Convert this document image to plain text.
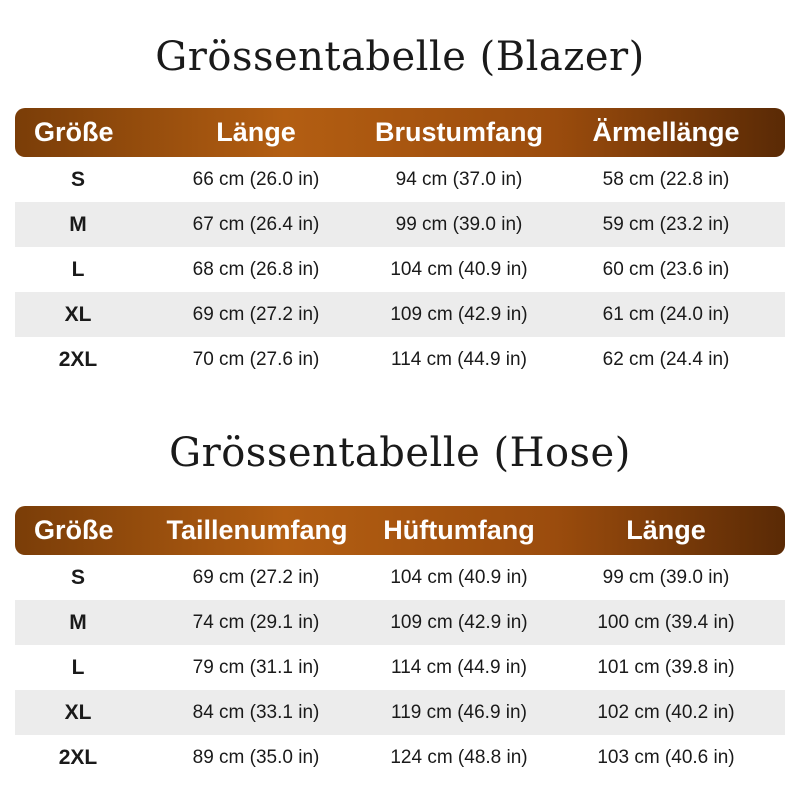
Grössentabelle (Blazer)
Größe	Länge	Brustumfang	Ärmellänge
S	66 cm (26.0 in)	94 cm (37.0 in)	58 cm (22.8 in)
M	67 cm (26.4 in)	99 cm (39.0 in)	59 cm (23.2 in)
L	68 cm (26.8 in)	104 cm (40.9 in)	60 cm (23.6 in)
XL	69 cm (27.2 in)	109 cm (42.9 in)	61 cm (24.0 in)
2XL	70 cm (27.6 in)	114 cm (44.9 in)	62 cm (24.4 in)
Grössentabelle (Hose)
Größe	Taillenumfang	Hüftumfang	Länge
S	69 cm (27.2 in)	104 cm (40.9 in)	99 cm (39.0 in)
M	74 cm (29.1 in)	109 cm (42.9 in)	100 cm (39.4 in)
L	79 cm (31.1 in)	114 cm (44.9 in)	101 cm (39.8 in)
XL	84 cm (33.1 in)	119 cm (46.9 in)	102 cm (40.2 in)
2XL	89 cm (35.0 in)	124 cm (48.8 in)	103 cm (40.6 in)
